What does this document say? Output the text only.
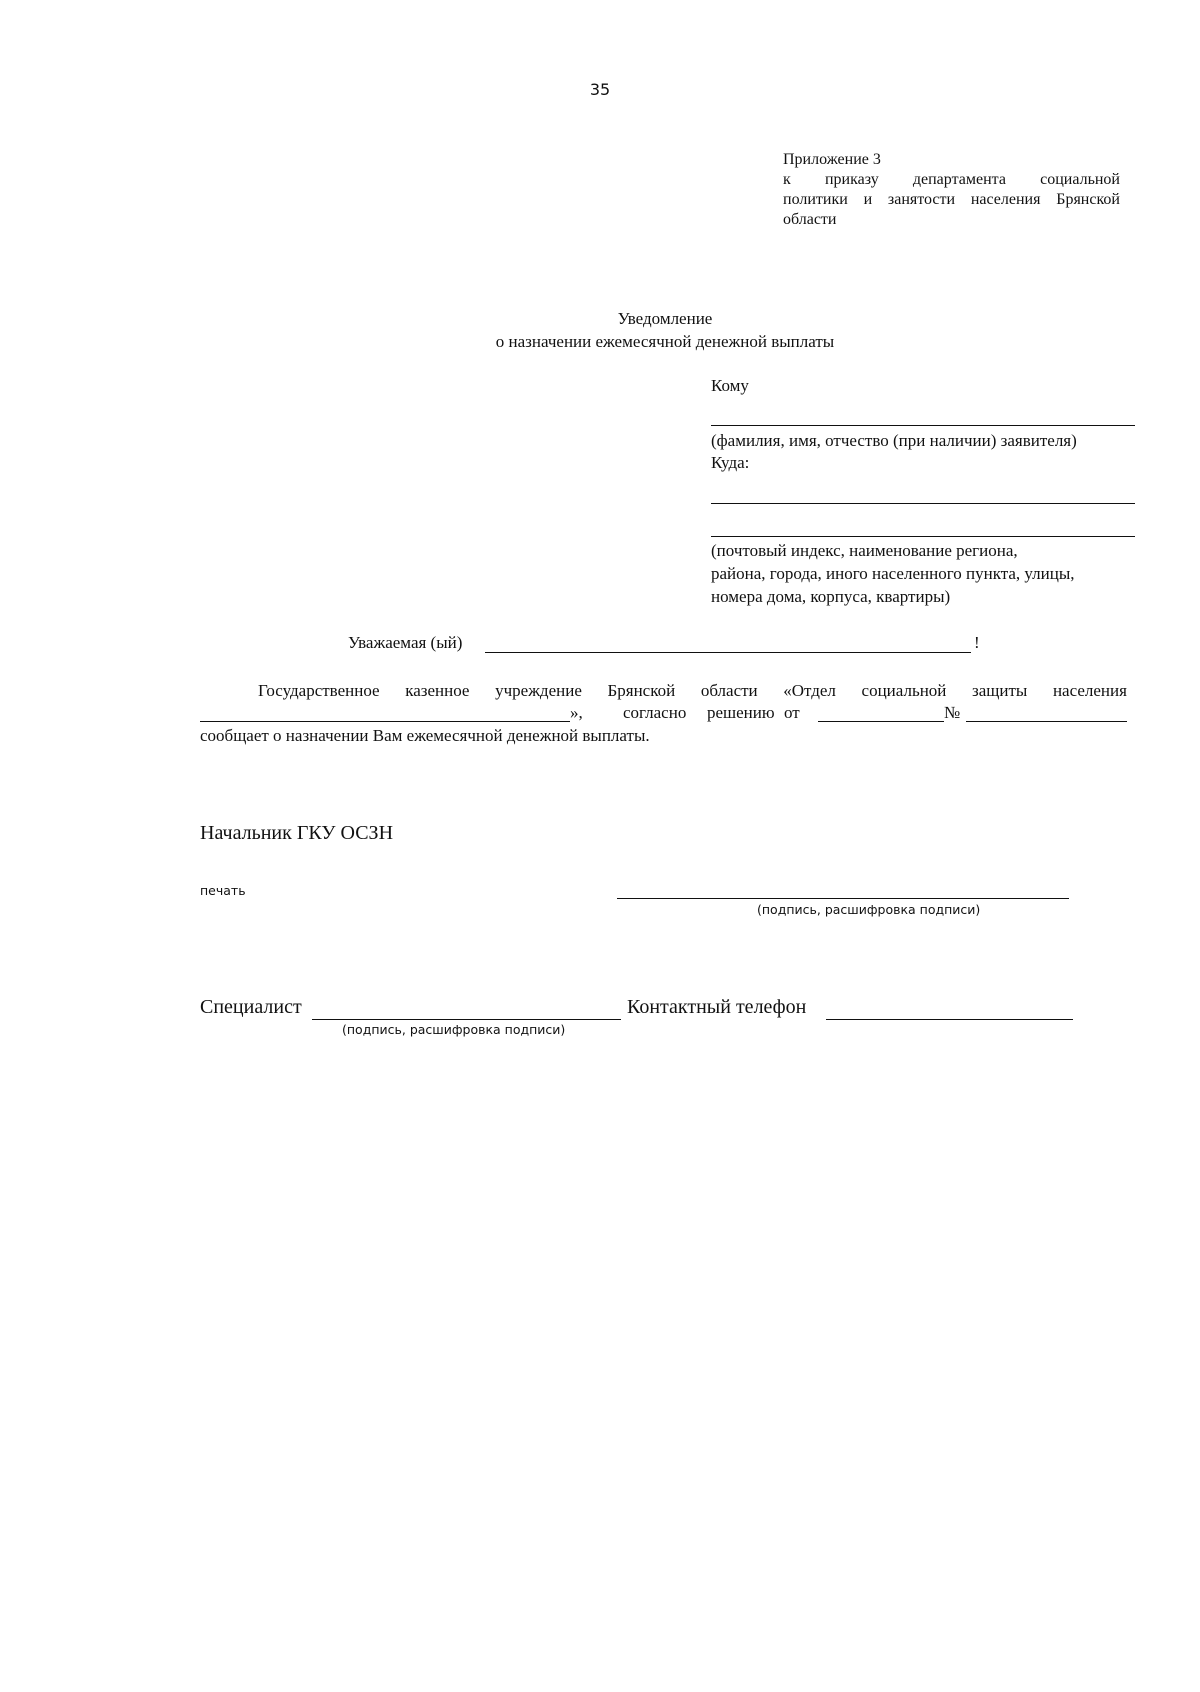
35
Приложение 3
к приказу департамента социальной
политики и занятости населения Брянской
области
Уведомление
о назначении ежемесячной денежной выплаты
Кому
(фамилия, имя, отчество (при наличии) заявителя)
Куда:
(почтовый индекс, наименование региона,
района, города, иного населенного пункта, улицы,
номера дома, корпуса, квартиры)
Уважаемая (ый)	!
Государственное казенное учреждение Брянской области «Отдел социальной защиты населения
», согласно решению от	№
сообщает о назначении Вам ежемесячной денежной выплаты.
Начальник ГКУ ОСЗН
печать
(подпись, расшифровка подписи)
Специалист	Контактный телефон
(подпись, расшифровка подписи)
